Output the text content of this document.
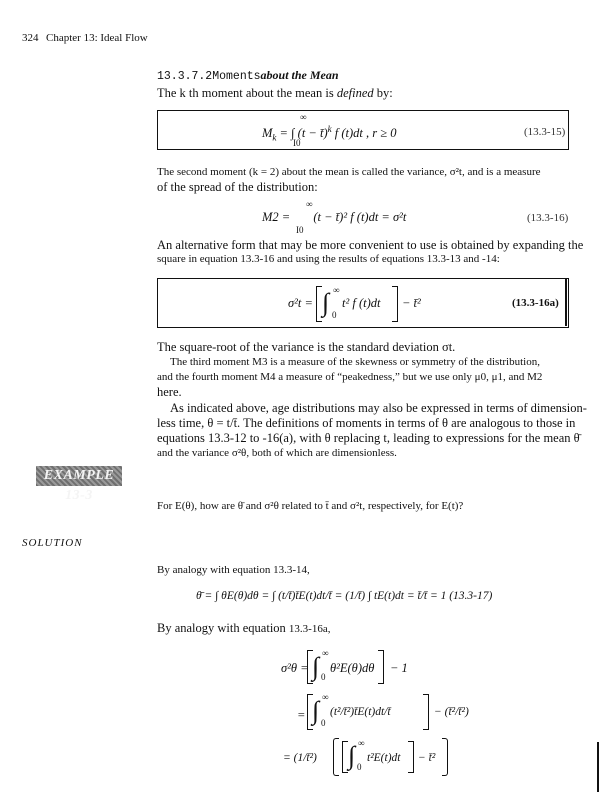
324 Chapter 13: Ideal Flow
13.3.7.2Momentsabout the Mean
The k th moment about the mean is defined by:
∞
$M_k$ = ∫ (t − t̄)$^k$ f (t)dt , r ≥ 0
I0
(13.3-15)
The second moment (k = 2) about the mean is called the variance, σ²t, and is a measure
of the spread of the distribution:
∞
M2 = (t − t̄)² f (t)dt = σ²t
I0
(13.3-16)
An alternative form that may be more convenient to use is obtained by expanding the
square in equation 13.3-16 and using the results of equations 13.3-13 and -14:
σ²t = ∫ ∞
0
t² f (t)dt − t̄²	(13.3-16a)
The square-root of the variance is the standard deviation σt.
The third moment M3 is a measure of the skewness or symmetry of the distribution,
and the fourth moment M4 a measure of “peakedness,” but we use only μ0, μ1, and M2
here.
As indicated above, age distributions may also be expressed in terms of dimension-
less time, θ = t/t̄. The definitions of moments in terms of θ are analogous to those in
equations 13.3-12 to -16(a), with θ replacing t, leading to expressions for the mean θ̄
and the variance σ²θ, both of which are dimensionless.
EXAMPLE 13-3
For E(θ), how are θ̄ and σ²θ related to t̄ and σ²t, respectively, for E(t)?
SOLUTION
By analogy with equation 13.3-14,
θ̄ = ∫ θE(θ)dθ = ∫ (t/t̄)t̄E(t)dt/t̄ = (1/t̄) ∫ tE(t)dt = t̄/t̄ = 1 (13.3-17)
By analogy with equation 13.3-16a,
σ²θ = ∫ ∞
0
θ²E(θ)dθ − 1
= ∫ ∞
0
(t²/t̄²)t̄E(t)dt/t̄	− (t̄²/t̄²)
= (1/t̄²) ∫ ∞
0
t²E(t)dt − t̄²
